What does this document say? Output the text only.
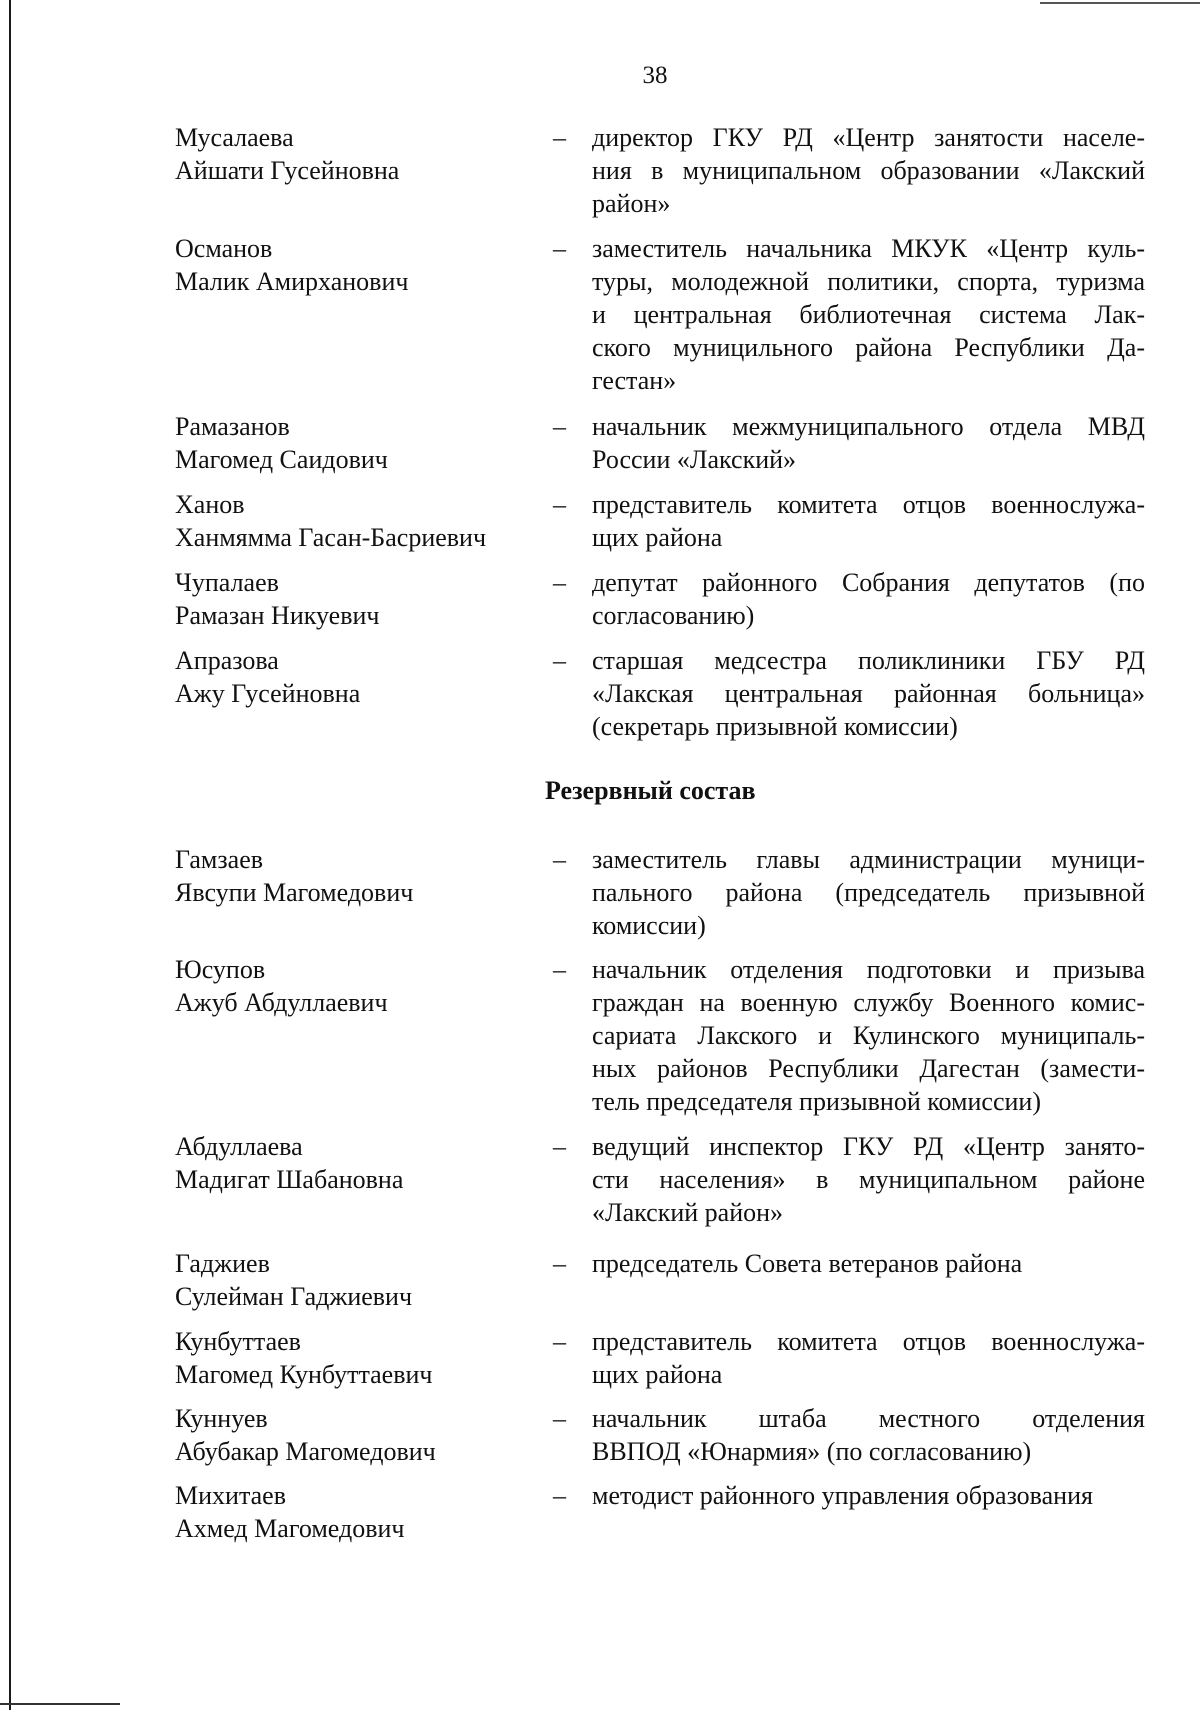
38
Мусалаева
Айшати Гусейновна
– директор ГКУ РД «Центр занятости населе-
ния в муниципальном образовании «Лакский
район»
Османов
Малик Амирханович
– заместитель начальника МКУК «Центр куль-
туры, молодежной политики, спорта, туризма
и центральная библиотечная система Лак-
ского муницильного района Республики Да-
гестан»
Рамазанов
Магомед Саидович
– начальник межмуниципального отдела МВД
России «Лакский»
Ханов
Ханмямма Гасан-Басриевич
– представитель комитета отцов военнослужа-
щих района
Чупалаев
Рамазан Никуевич
– депутат районного Собрания депутатов (по
согласованию)
Апразова
Ажу Гусейновна
– старшая медсестра поликлиники ГБУ РД
«Лакская центральная районная больница»
(секретарь призывной комиссии)
Резервный состав
Гамзаев
Явсупи Магомедович
– заместитель главы администрации муници-
пального района (председатель призывной
комиссии)
Юсупов
Ажуб Абдуллаевич
– начальник отделения подготовки и призыва
граждан на военную службу Военного комис-
сариата Лакского и Кулинского муниципаль-
ных районов Республики Дагестан (замести-
тель председателя призывной комиссии)
Абдуллаева
Мадигат Шабановна
– ведущий инспектор ГКУ РД «Центр занято-
сти населения» в муниципальном районе
«Лакский район»
Гаджиев
Сулейман Гаджиевич
– председатель Совета ветеранов района
Кунбуттаев
Магомед Кунбуттаевич
– представитель комитета отцов военнослужа-
щих района
Куннуев
Абубакар Магомедович
– начальник штаба местного отделения
ВВПОД «Юнармия» (по согласованию)
Михитаев
Ахмед Магомедович
– методист районного управления образования
